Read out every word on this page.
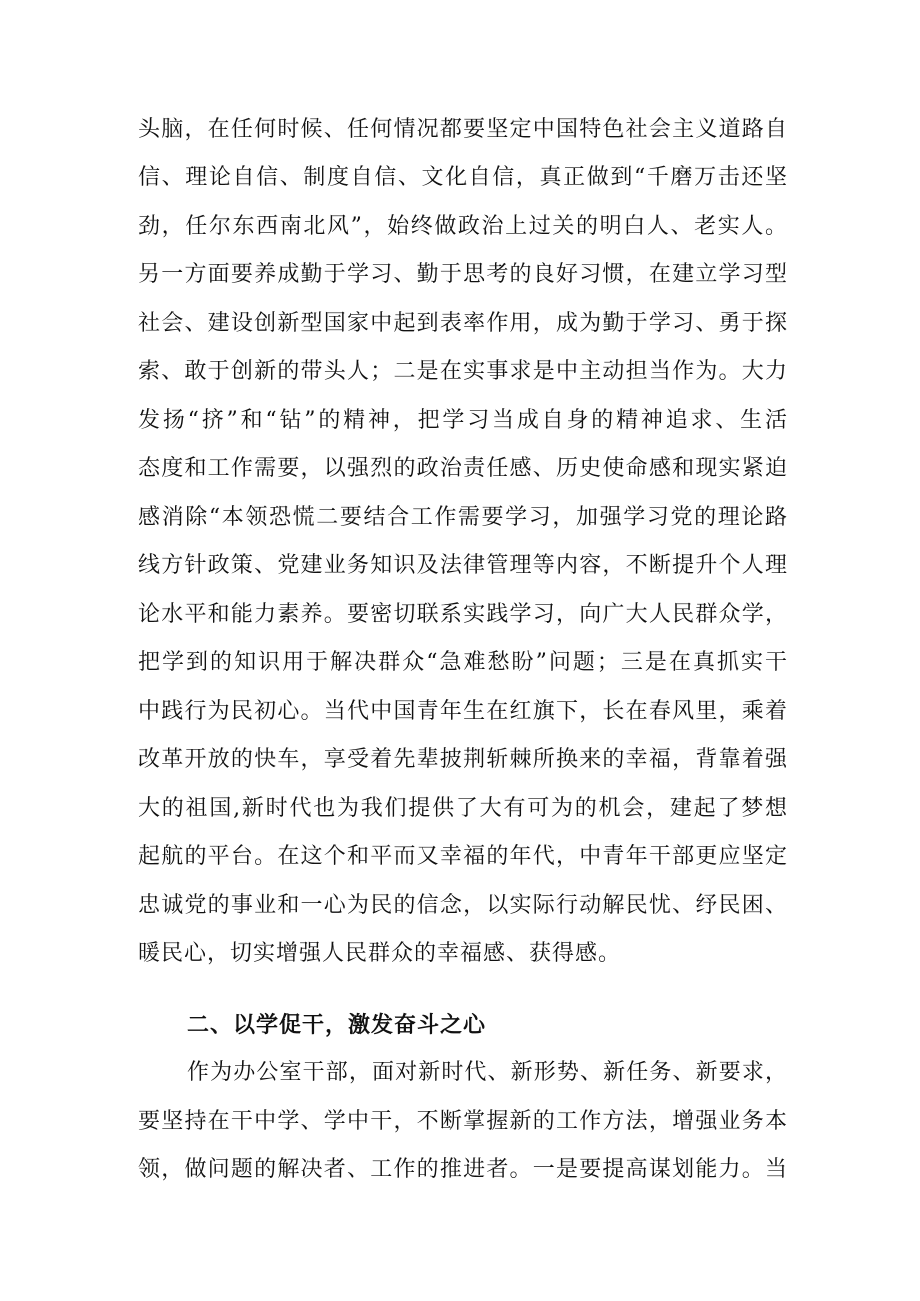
头脑，在任何时候、任何情况都要坚定中国特色社会主义道路自
信、理论自信、制度自信、文化自信，真正做到“千磨万击还坚
劲，任尔东西南北风”，始终做政治上过关的明白人、老实人。
另一方面要养成勤于学习、勤于思考的良好习惯，在建立学习型
社会、建设创新型国家中起到表率作用，成为勤于学习、勇于探
索、敢于创新的带头人；二是在实事求是中主动担当作为。大力
发扬“挤”和“钻”的精神，把学习当成自身的精神追求、生活
态度和工作需要，以强烈的政治责任感、历史使命感和现实紧迫
感消除“本领恐慌二要结合工作需要学习，加强学习党的理论路
线方针政策、党建业务知识及法律管理等内容，不断提升个人理
论水平和能力素养。要密切联系实践学习，向广大人民群众学，
把学到的知识用于解决群众“急难愁盼”问题；三是在真抓实干
中践行为民初心。当代中国青年生在红旗下，长在春风里，乘着
改革开放的快车，享受着先辈披荆斩棘所换来的幸福，背靠着强
大的祖国,新时代也为我们提供了大有可为的机会，建起了梦想
起航的平台。在这个和平而又幸福的年代，中青年干部更应坚定
忠诚党的事业和一心为民的信念，以实际行动解民忧、纾民困、
暖民心，切实增强人民群众的幸福感、获得感。
二、以学促干，激发奋斗之心
作为办公室干部，面对新时代、新形势、新任务、新要求，
要坚持在干中学、学中干，不断掌握新的工作方法，增强业务本
领，做问题的解决者、工作的推进者。一是要提高谋划能力。当
